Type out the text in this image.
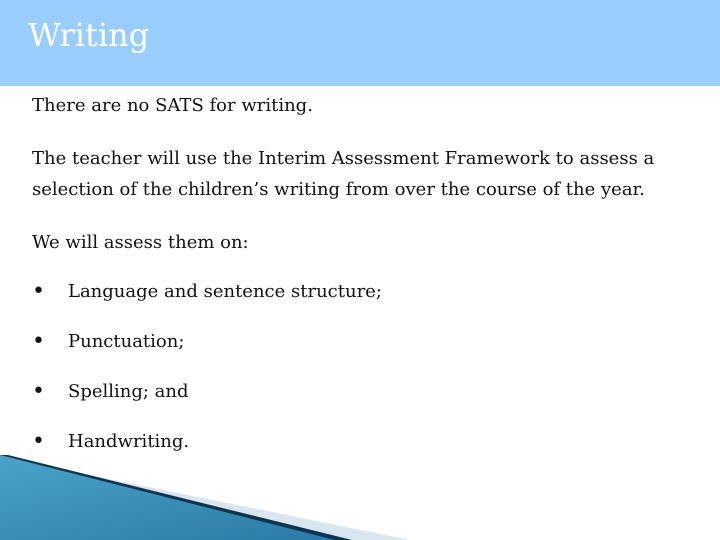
Writing

There are no SATS for writing.

The teacher will use the Interim Assessment Framework to assess a selection of the children’s writing from over the course of the year.

We will assess them on:

• Language and sentence structure;
• Punctuation;
• Spelling; and
• Handwriting.
